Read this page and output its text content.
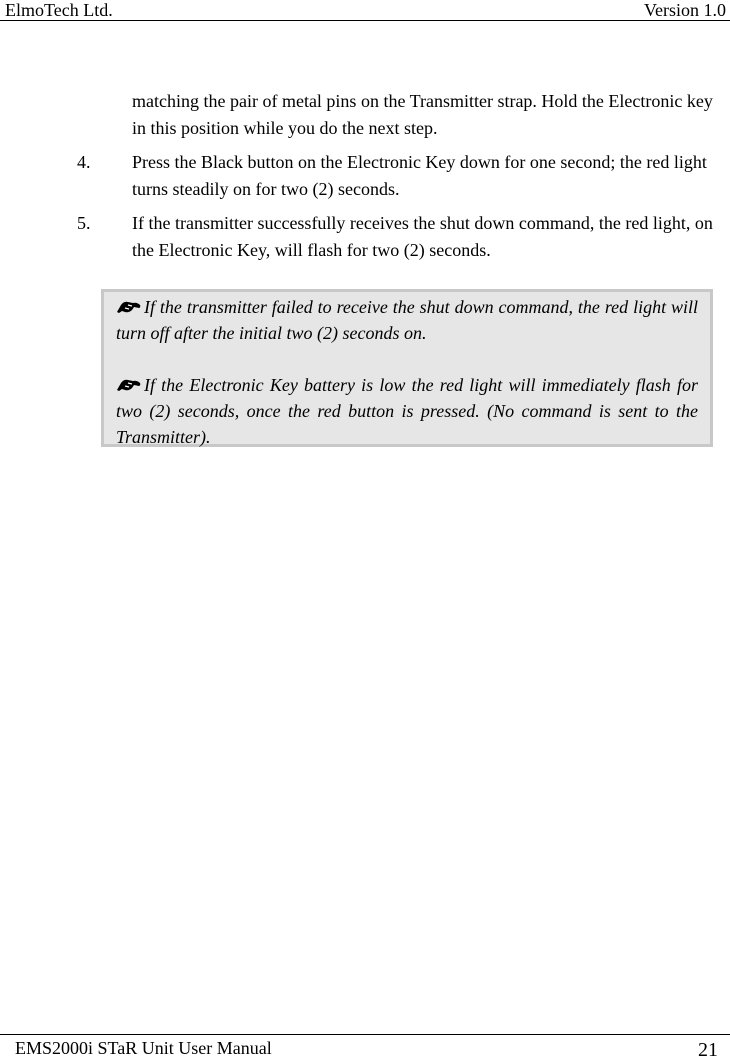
ElmoTech Ltd.	Version 1.0
matching the pair of metal pins on the Transmitter strap. Hold the Electronic key in this position while you do the next step.
4. Press the Black button on the Electronic Key down for one second; the red light turns steadily on for two (2) seconds.
5. If the transmitter successfully receives the shut down command, the red light, on the Electronic Key, will flash for two (2) seconds.

If the transmitter failed to receive the shut down command, the red light will turn off after the initial two (2) seconds on.

If the Electronic Key battery is low the red light will immediately flash for two (2) seconds, once the red button is pressed. (No command is sent to the Transmitter).

EMS2000i STaR Unit User Manual	21
